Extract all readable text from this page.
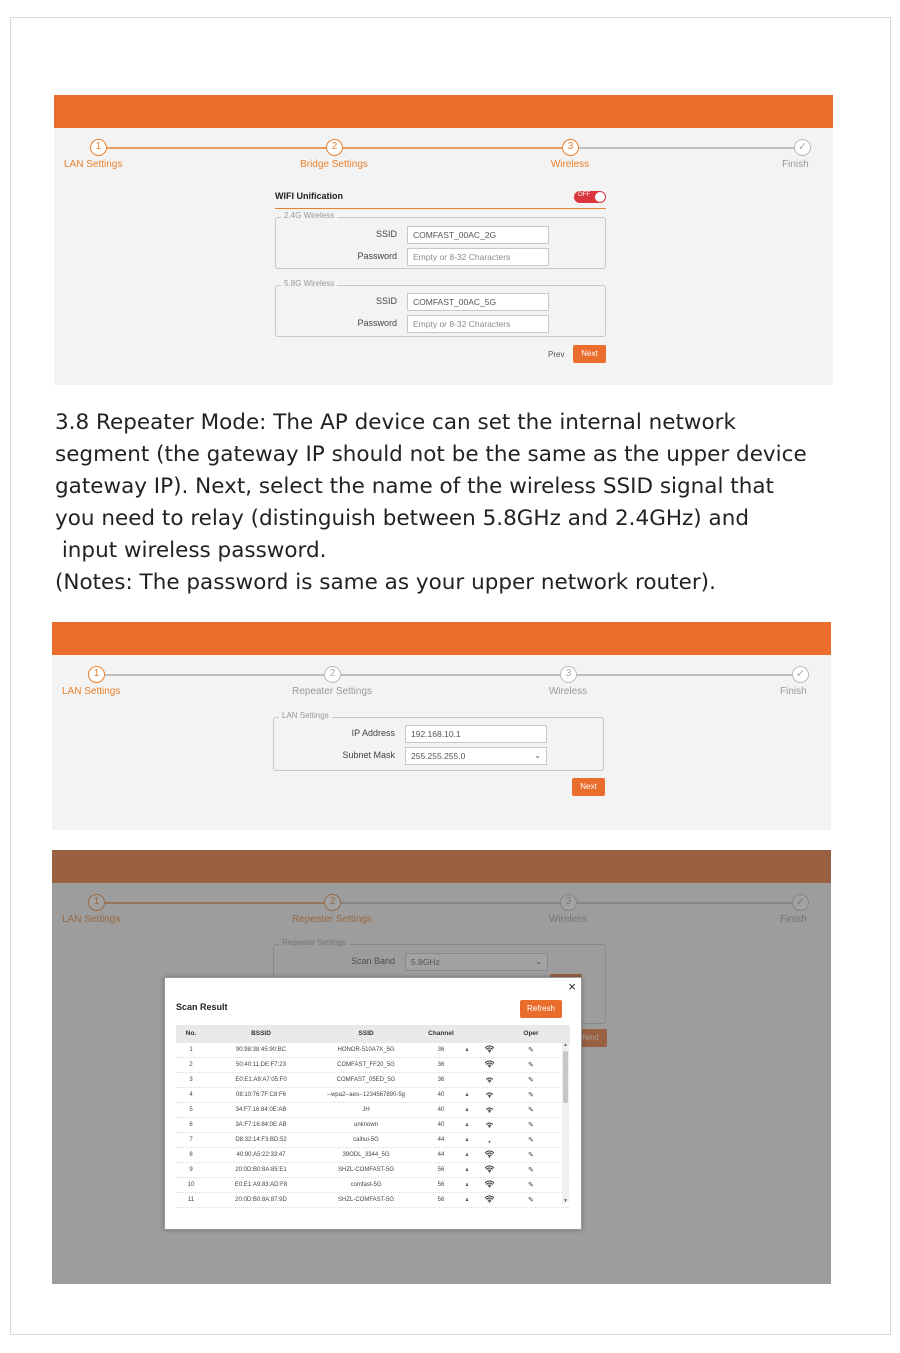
1
LAN Settings
2
Bridge Settings
3
Wireless
✓
Finish
WIFI Unification	OFF
2.4G Wireless
SSID	COMFAST_00AC_2G
Password	Empty or 8-32 Characters
5.8G Wireless
SSID	COMFAST_00AC_5G
Password	Empty or 8-32 Characters
Prev	Next
3.8 Repeater Mode: The AP device can set the internal network
segment (the gateway IP should not be the same as the upper device
gateway IP). Next, select the name of the wireless SSID signal that
you need to relay (distinguish between 5.8GHz and 2.4GHz) and
input wireless password.
(Notes: The password is same as your upper network router).
1
LAN Settings
2
Repeater Settings
3
Wireless
✓
Finish
LAN Settings
IP Address	192.168.10.1
Subnet Mask	255.255.255.0	⌄
Next
×
Scan Result	Refresh
No.	BSSID	SSID	Channel	Oper
1	90:98:38:45:90:BC	HONOR-510A7X_5G	36	🔒︎	✎
2	50:40:11:DE:F7:23	COMFAST_FF20_5G	36	✎
3	E0:E1:A9:A7:05:F0	COMFAST_05ED_5G	36	✎
4	08:10:76:7F:C8:F6	--wpa2--aes--1234567890-5g	40	🔒︎	✎
5	34:F7:16:84:0E:AB	JH	40	🔒︎	✎
6	3A:F7:16:84:0E:AB	unknown	40	🔒︎	✎
7	D8:32:14:F3:BD:52	caihui-5G	44	🔒︎	✎
8	40:90:A5:22:33:47	39ODL_3344_5G	44	🔒︎	✎
9	20:0D:B0:8A:85:E1	SHZL-COMFAST-5G	56	🔒︎	✎
10	E0:E1:A9:83:AD:F8	comfast-5G	56	🔒︎	✎
11	20:0D:B0:8A:87:9D	SHZL-COMFAST-5G	56	🔒︎	✎
▲
▼
